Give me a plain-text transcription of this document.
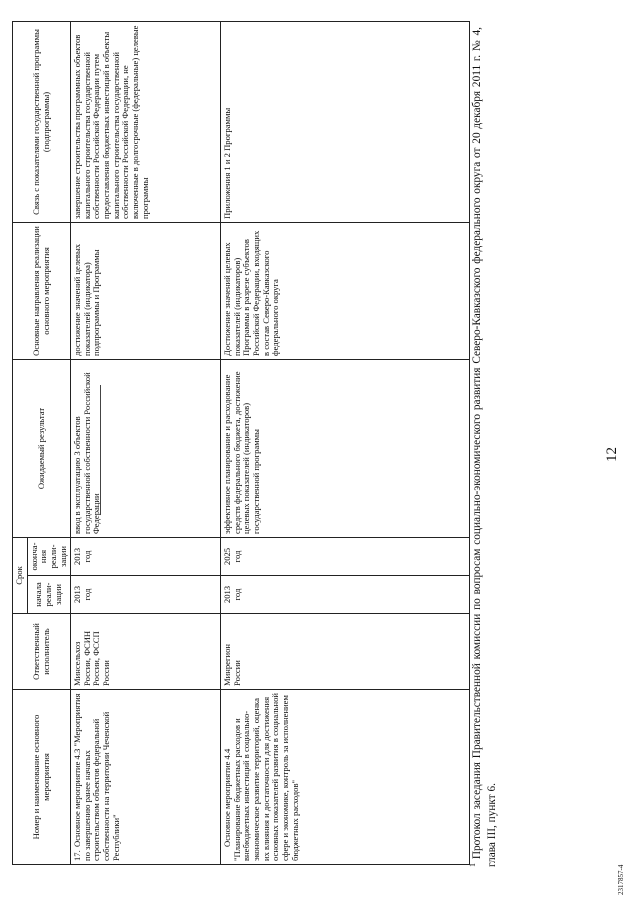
12
Номер и наименование основного мероприятия	Ответственный исполнитель	Срок		Ожидаемый результат	Основные направления реализации основного мероприятия	Связь с показателями государственной программы (подпрограммы)
		начала реали-зации	оконча-ния реали-зации			
17.Основное мероприятие 4.3 "Мероприятия по завершению ранее начатых строительством объектов федеральной собственности на территории Чеченской Республики"	Минсельхоз России, ФСИН России, ФССП России	2013 год	2013 год	ввод в эксплуатацию 3 объектов государственной собственности Российской Федерации	достижение значений целевых показателей (индикатора) подпрограммы и Программы	завершение строительства программных объектов капитального строительства государственной собственности Российской Федерации путем предоставления бюджетных инвестиций в объекты капитального строительства государственной собственности Российской Федерации, не включенные в долгосрочные (федеральные) целевые программы
Основное мероприятие 4.4 "Планирование бюджетных расходов и внебюджетных инвестиций в социально-экономическое развитие территорий, оценка их влияния и достаточности для достижения основных показателей развития в социальной сфере и экономике, контроль за исполнением бюджетных расходов"	Минрегион России	2013 год	2025 год	эффективное планирование и расходование средств федерального бюджета, достижение целевых показателей (индикаторов) государственной программы	Достижение значений целевых показателей (индикаторов) Программы в разрезе субъектов Российской Федерации, входящих в состав Северо-Кавказского федерального округа	Приложения 1 и 2 Программы
$^1$ Протокол заседания Правительственной комиссии по вопросам социально-экономического развития Северо-Кавказского федерального округа от 20 декабря 2011 г. № 4, глава III, пункт 6.
2317857-4
